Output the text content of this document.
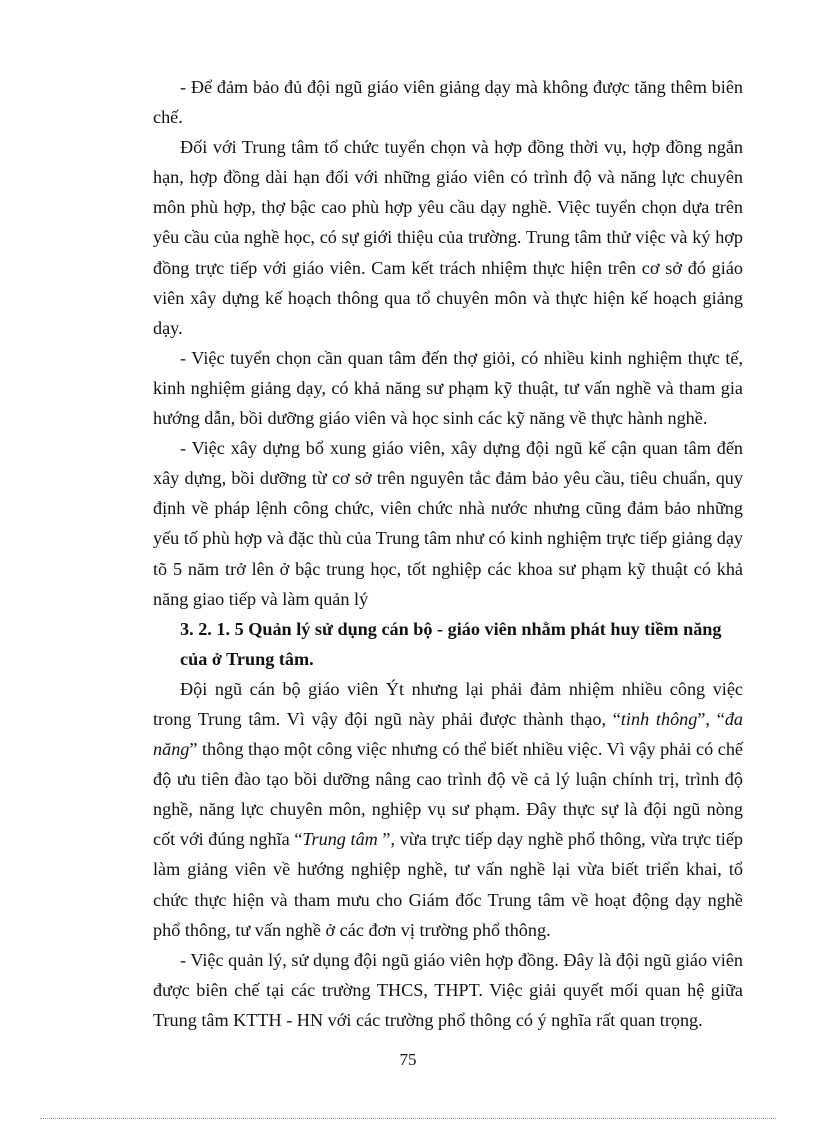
- Để đảm bảo đủ đội ngũ giáo viên giảng dạy mà không được tăng thêm biên chế.

Đối với Trung tâm tổ chức tuyển chọn và hợp đồng thời vụ, hợp đồng ngắn hạn, hợp đồng dài hạn đối với những giáo viên có trình độ và năng lực chuyên môn phù hợp, thợ bậc cao phù hợp yêu cầu dạy nghề. Việc tuyển chọn dựa trên yêu cầu của nghề học, có sự giới thiệu của trường. Trung tâm thử việc và ký hợp đồng trực tiếp với giáo viên. Cam kết trách nhiệm thực hiện trên cơ sở đó giáo viên xây dựng kế hoạch thông qua tổ chuyên môn và thực hiện kế hoạch giảng dạy.

- Việc tuyển chọn cần quan tâm đến thợ giỏi, có nhiều kinh nghiệm thực tế, kinh nghiệm giảng dạy, có khả năng sư phạm kỹ thuật, tư vấn nghề và tham gia hướng dẫn, bồi dưỡng giáo viên và học sinh các kỹ năng về thực hành nghề.

- Việc xây dựng bổ xung giáo viên, xây dựng đội ngũ kế cận quan tâm đến xây dựng, bồi dưỡng từ cơ sở trên nguyên tắc đảm bảo yêu cầu, tiêu chuẩn, quy định về pháp lệnh công chức, viên chức nhà nước nhưng cũng đảm bảo những yếu tố phù hợp và đặc thù của Trung tâm như có kinh nghiệm trực tiếp giảng dạy tõ 5 năm trở lên ở bậc trung học, tốt nghiệp các khoa sư phạm kỹ thuật có khả năng giao tiếp và làm quản lý

3. 2. 1. 5 Quản lý sử dụng cán bộ - giáo viên nhằm phát huy tiềm năng
của ở Trung tâm.

Đội ngũ cán bộ giáo viên Ýt nhưng lại phải đảm nhiệm nhiều công việc trong Trung tâm. Vì vậy đội ngũ này phải được thành thạo, “tinh thông”, “đa năng” thông thạo một công việc nhưng có thể biết nhiều việc. Vì vậy phải có chế độ ưu tiên đào tạo bồi dưỡng nâng cao trình độ về cả lý luận chính trị, trình độ nghề, năng lực chuyên môn, nghiệp vụ sư phạm. Đây thực sự là đội ngũ nòng cốt với đúng nghĩa “Trung tâm ”, vừa trực tiếp dạy nghề phổ thông, vừa trực tiếp làm giảng viên về hướng nghiệp nghề, tư vấn nghề lại vừa biết triển khai, tổ chức thực hiện và tham mưu cho Giám đốc Trung tâm về hoạt động dạy nghề phổ thông, tư vấn nghề ở các đơn vị trường phổ thông.

- Việc quản lý, sử dụng đội ngũ giáo viên hợp đồng. Đây là đội ngũ giáo viên được biên chế tại các trường THCS, THPT. Việc giải quyết mối quan hệ giữa Trung tâm KTTH - HN với các trường phổ thông có ý nghĩa rất quan trọng.

75
